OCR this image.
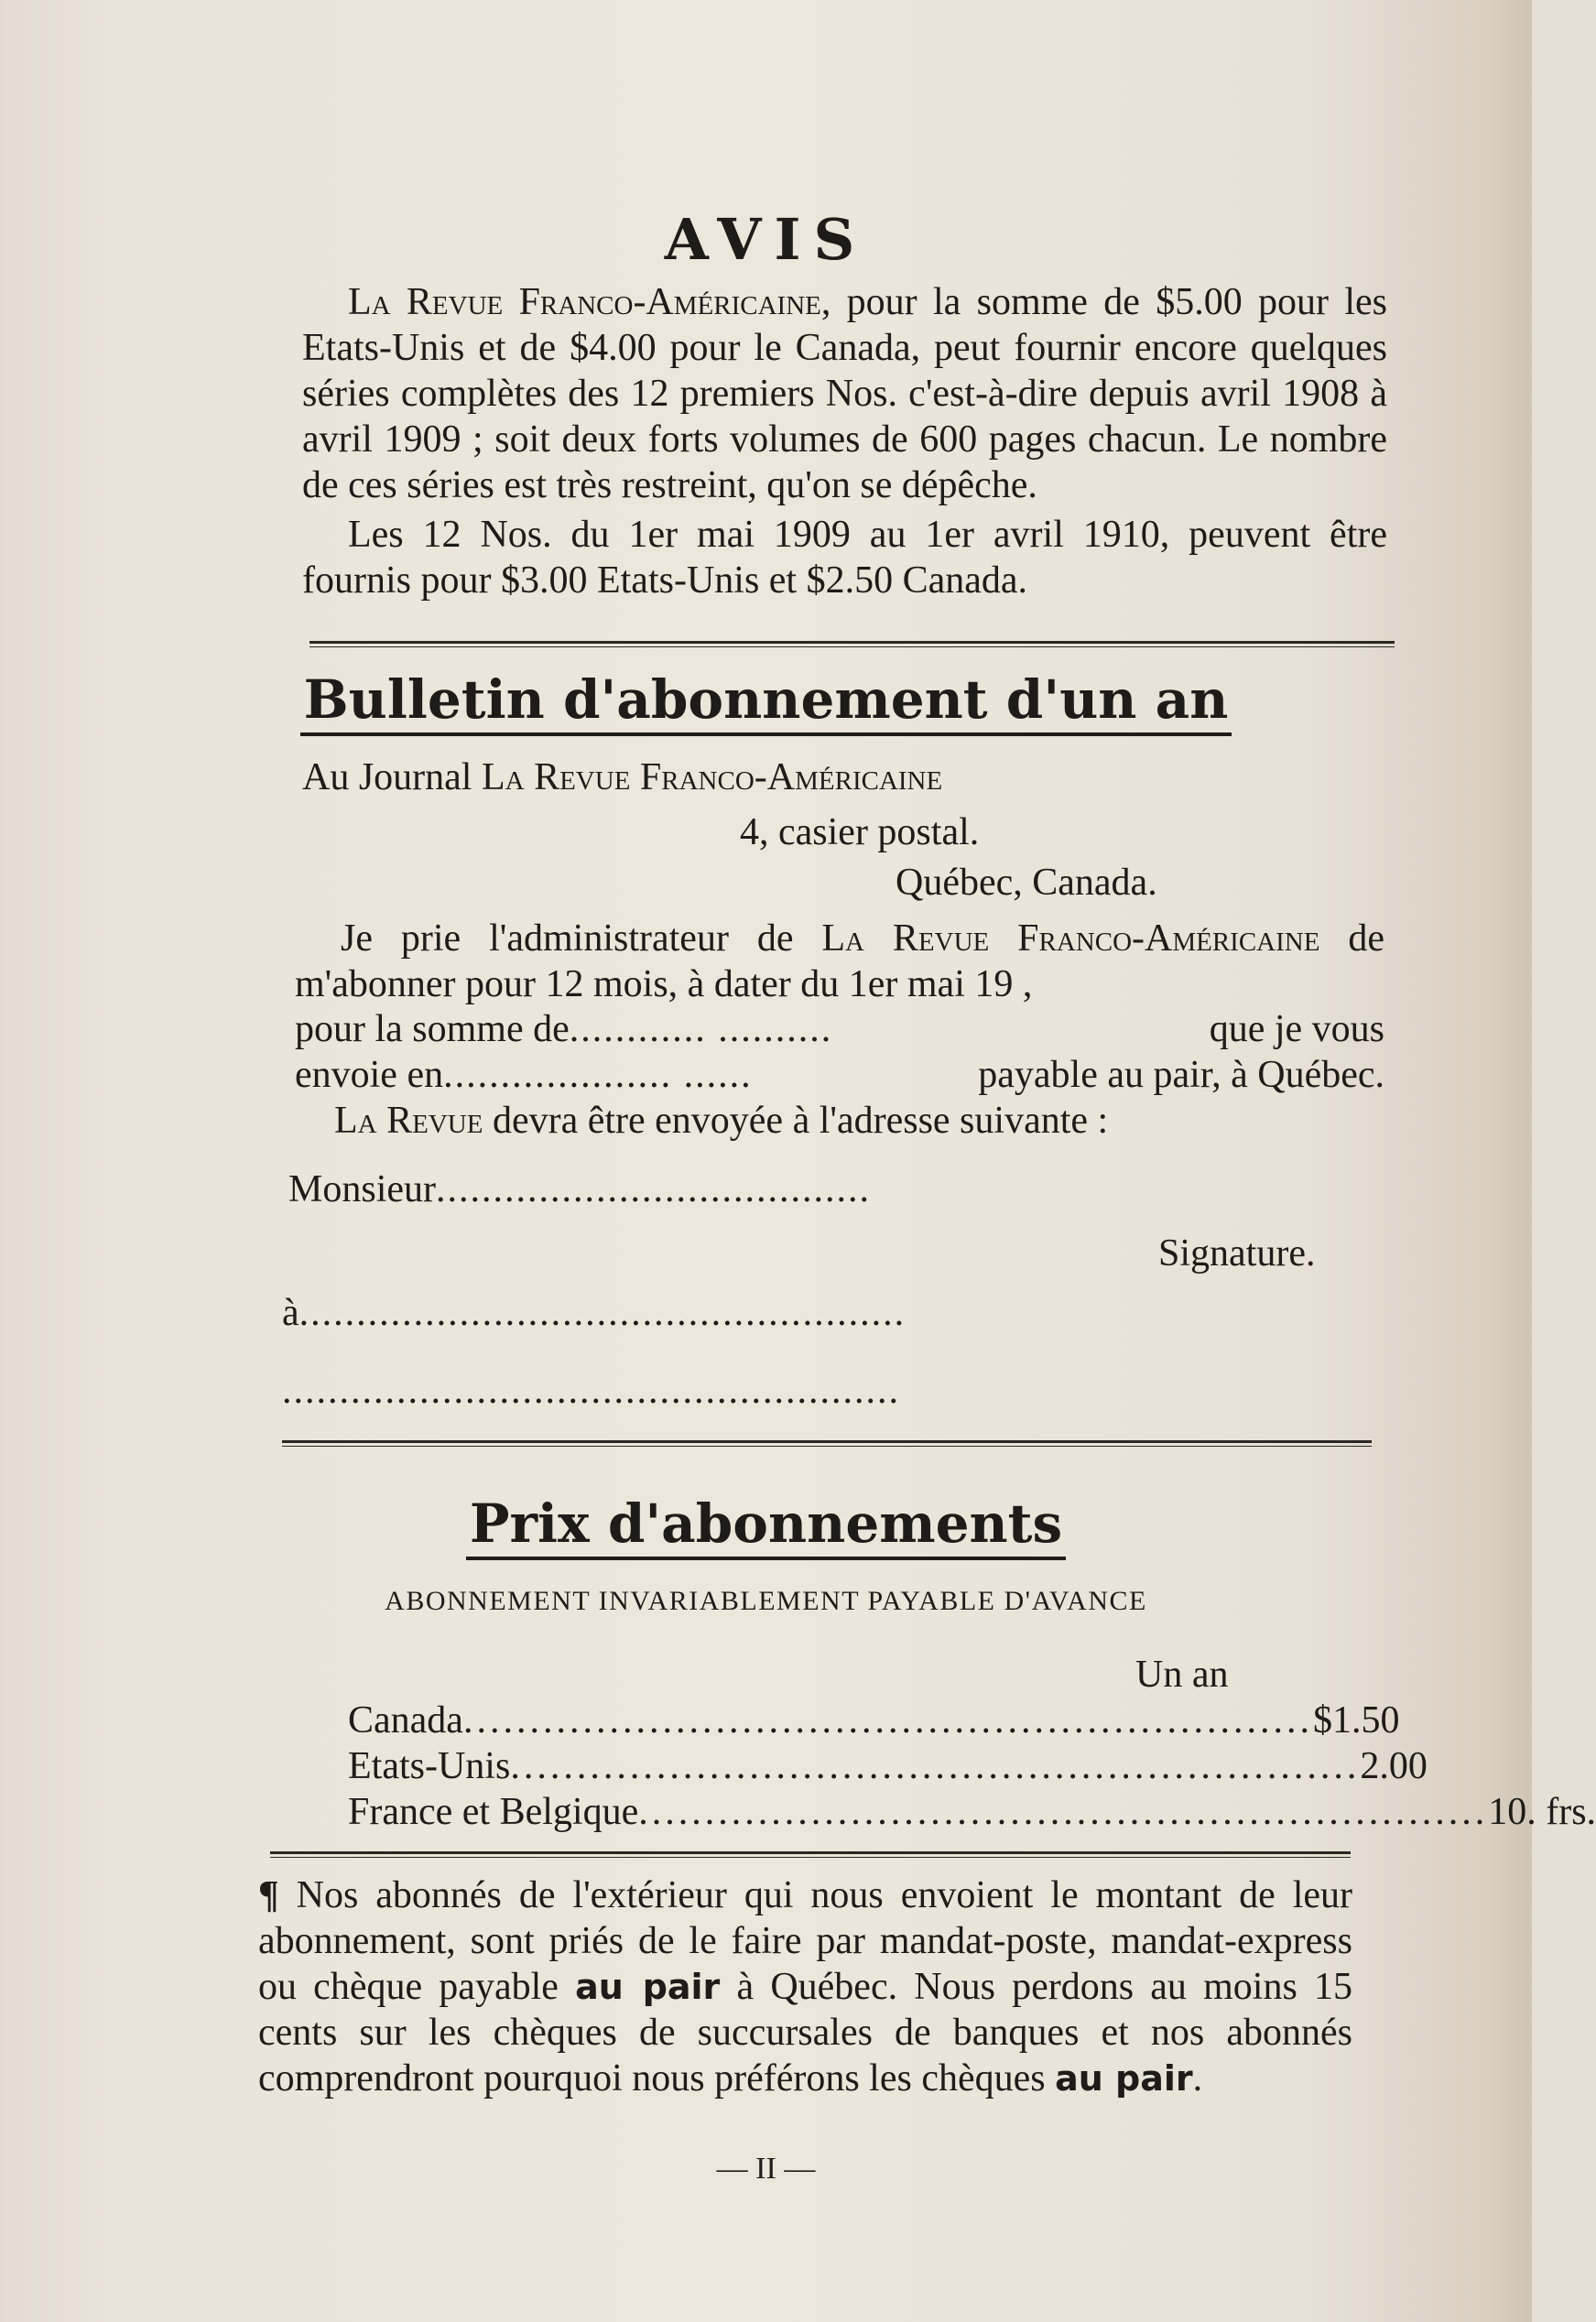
AVIS

La Revue Franco-Américaine, pour la somme de $5.00 pour les Etats-Unis et de $4.00 pour le Canada, peut fournir encore quelques séries complètes des 12 premiers Nos. c'est-à-dire depuis avril 1908 à avril 1909 ; soit deux forts volumes de 600 pages chacun. Le nombre de ces séries est très restreint, qu'on se dépêche.

Les 12 Nos. du 1er mai 1909 au 1er avril 1910, peuvent être fournis pour $3.00 Etats-Unis et $2.50 Canada.

Bulletin d'abonnement d'un an
Au Journal La Revue Franco-Américaine
4, casier postal.
Québec, Canada.

Je prie l'administrateur de La Revue Franco-Américaine de m'abonner pour 12 mois, à dater du 1er mai 19 ,

pour la somme de ............ ..........	que je vous
envoie en .................... ......	payable au pair, à Québec.
La Revue devra être envoyée à l'adresse suivante :
Monsieur......................................
Signature.
à.....................................................
......................................................
Prix d'abonnements
ABONNEMENT INVARIABLEMENT PAYABLE D'AVANCE
Un an
Canada ................................................................ $1.50
Etats-Unis ................................................................ 2.00
France et Belgique ................................................................ 10. frs.

¶ Nos abonnés de l'extérieur qui nous envoient le montant de leur abonnement, sont priés de le faire par mandat-poste, mandat-express ou chèque payable au pair à Québec. Nous perdons au moins 15 cents sur les chèques de succursales de banques et nos abonnés comprendront pourquoi nous préférons les chèques au pair.

— II —
